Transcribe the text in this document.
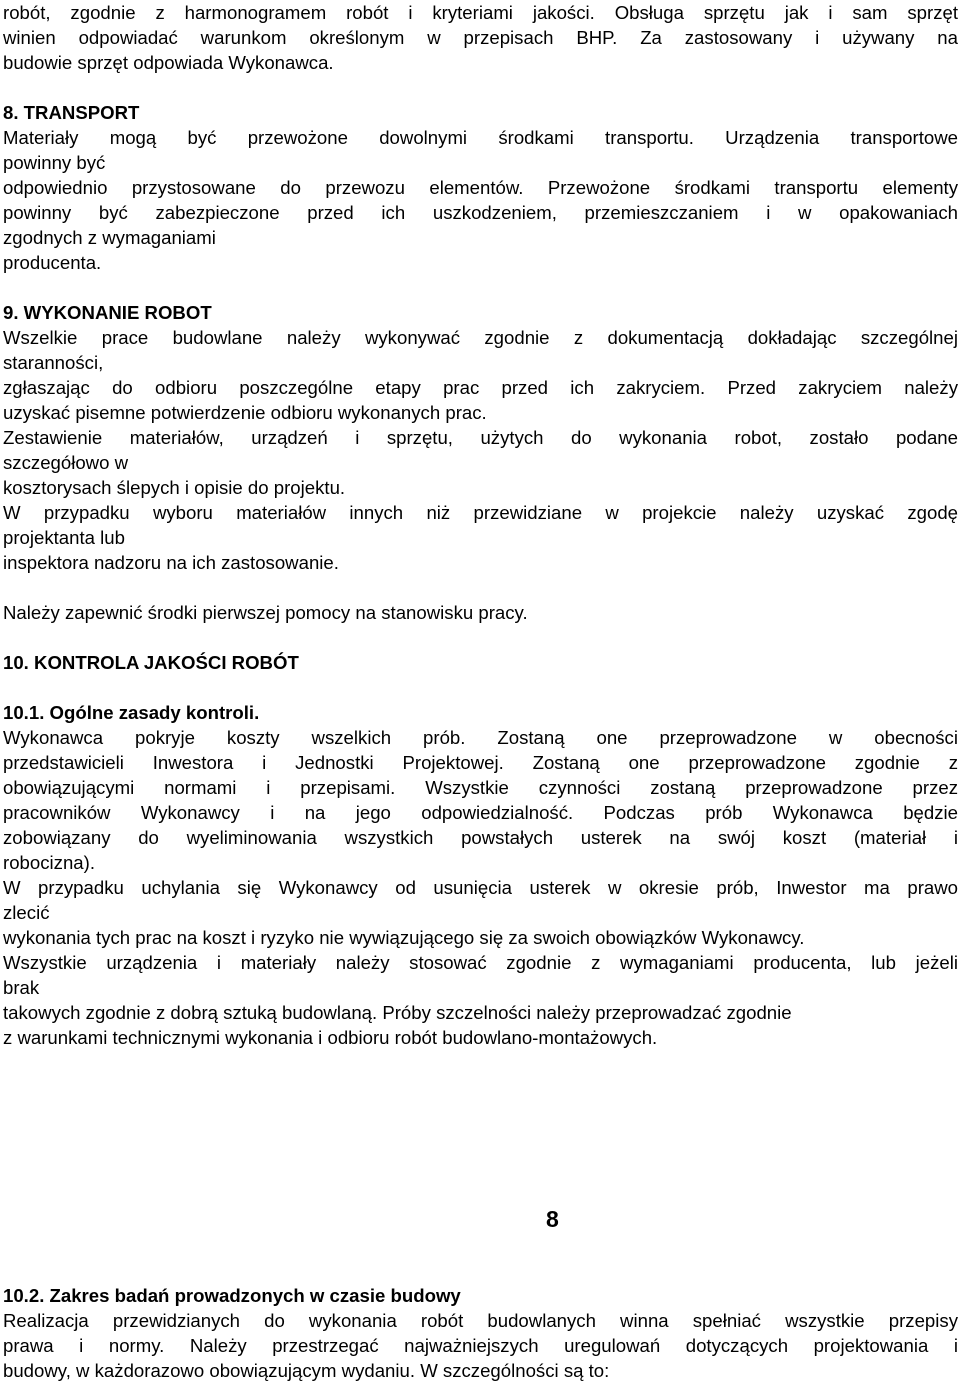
robót, zgodnie z harmonogramem robót i kryteriami jakości. Obsługa sprzętu jak i sam sprzęt
winien odpowiadać warunkom określonym w przepisach BHP. Za zastosowany i używany na
budowie sprzęt odpowiada Wykonawca.
8. TRANSPORT
Materiały mogą być przewożone dowolnymi środkami transportu. Urządzenia transportowe
powinny być
odpowiednio przystosowane do przewozu elementów. Przewożone środkami transportu elementy
powinny być zabezpieczone przed ich uszkodzeniem, przemieszczaniem i w opakowaniach
zgodnych z wymaganiami
producenta.
9. WYKONANIE ROBOT
Wszelkie prace budowlane należy wykonywać zgodnie z dokumentacją dokładając szczególnej
staranności,
zgłaszając do odbioru poszczególne etapy prac przed ich zakryciem. Przed zakryciem należy
uzyskać pisemne potwierdzenie odbioru wykonanych prac.
Zestawienie materiałów, urządzeń i sprzętu, użytych do wykonania robot, zostało podane
szczegółowo w
kosztorysach ślepych i opisie do projektu.
W przypadku wyboru materiałów innych niż przewidziane w projekcie należy uzyskać zgodę
projektanta lub
inspektora nadzoru na ich zastosowanie.
Należy zapewnić środki pierwszej pomocy na stanowisku pracy.
10. KONTROLA JAKOŚCI ROBÓT
10.1. Ogólne zasady kontroli.
Wykonawca pokryje koszty wszelkich prób. Zostaną one przeprowadzone w obecności
przedstawicieli Inwestora i Jednostki Projektowej. Zostaną one przeprowadzone zgodnie z
obowiązującymi normami i przepisami. Wszystkie czynności zostaną przeprowadzone przez
pracowników Wykonawcy i na jego odpowiedzialność. Podczas prób Wykonawca będzie
zobowiązany do wyeliminowania wszystkich powstałych usterek na swój koszt (materiał i
robocizna).
W przypadku uchylania się Wykonawcy od usunięcia usterek w okresie prób, Inwestor ma prawo
zlecić
wykonania tych prac na koszt i ryzyko nie wywiązującego się za swoich obowiązków Wykonawcy.
Wszystkie urządzenia i materiały należy stosować zgodnie z wymaganiami producenta, lub jeżeli
brak
takowych zgodnie z dobrą sztuką budowlaną. Próby szczelności należy przeprowadzać zgodnie
z warunkami technicznymi wykonania i odbioru robót budowlano-montażowych.
10.2. Zakres badań prowadzonych w czasie budowy
Realizacja przewidzianych do wykonania robót budowlanych winna spełniać wszystkie przepisy
prawa i normy. Należy przestrzegać najważniejszych uregulowań dotyczących projektowania i
budowy, w każdorazowo obowiązującym wydaniu. W szczególności są to:
8
